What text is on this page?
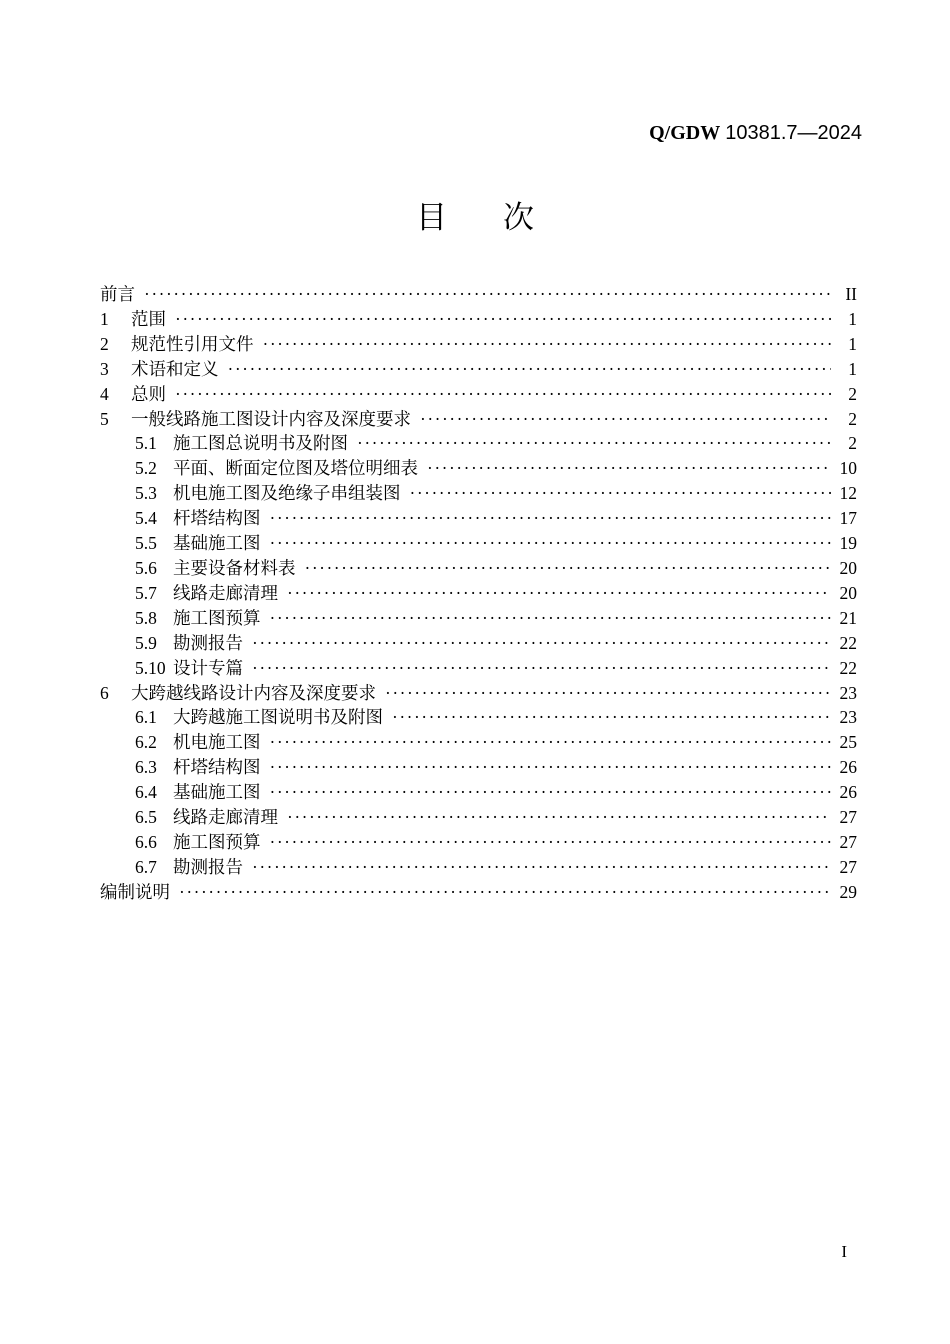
Q/GDW 10381.7—2024
目 次
前言 ·····	II
1	范围 ·····	1
2	规范性引用文件 ·····	1
3	术语和定义 ·····	1
4	总则 ·····	2
5	一般线路施工图设计内容及深度要求 ·····	2
5.1 施工图总说明书及附图 ·····	2
5.2 平面、断面定位图及塔位明细表 ·····	10
5.3 机电施工图及绝缘子串组装图 ·····	12
5.4 杆塔结构图 ·····	17
5.5 基础施工图 ·····	19
5.6 主要设备材料表 ·····	20
5.7 线路走廊清理 ·····	20
5.8 施工图预算 ·····	21
5.9 勘测报告 ·····	22
5.10 设计专篇 ·····	22
6	大跨越线路设计内容及深度要求 ·····	23
6.1 大跨越施工图说明书及附图 ·····	23
6.2 机电施工图 ·····	25
6.3 杆塔结构图 ·····	26
6.4 基础施工图 ·····	26
6.5 线路走廊清理 ·····	27
6.6 施工图预算 ·····	27
6.7 勘测报告 ·····	27
编制说明 ·····	29
I
